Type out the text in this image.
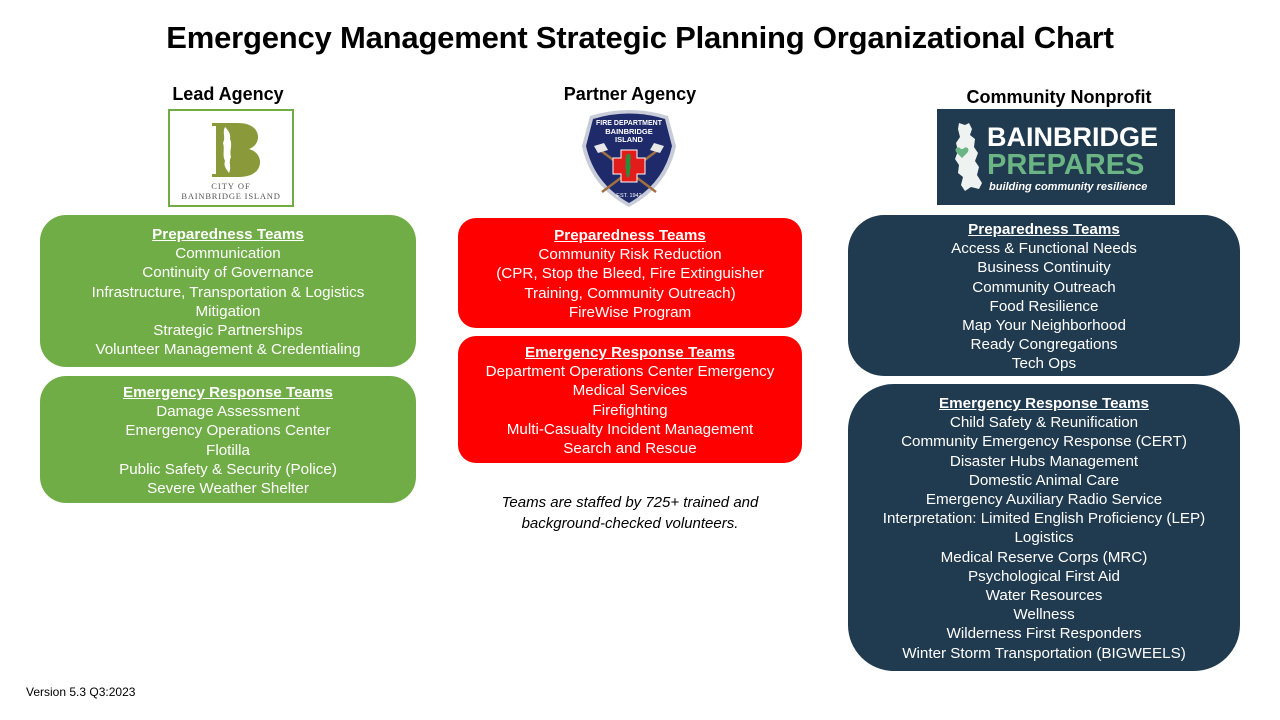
Emergency Management Strategic Planning Organizational Chart
Lead Agency
CITY OF
BAINBRIDGE ISLAND
Preparedness Teams
Communication
Continuity of Governance
Infrastructure, Transportation & Logistics
Mitigation
Strategic Partnerships
Volunteer Management & Credentialing
Emergency Response Teams
Damage Assessment
Emergency Operations Center
Flotilla
Public Safety & Security (Police)
Severe Weather Shelter
Partner Agency
FIRE DEPARTMENT
BAINBRIDGE
ISLAND
EST. 1942
Preparedness Teams
Community Risk Reduction
(CPR, Stop the Bleed, Fire Extinguisher
Training, Community Outreach)
FireWise Program
Emergency Response Teams
Department Operations Center Emergency
Medical Services
Firefighting
Multi-Casualty Incident Management
Search and Rescue
Teams are staffed by 725+ trained and
background-checked volunteers.
Community Nonprofit
BAINBRIDGE
PREPARES
building community resilience
Preparedness Teams
Access & Functional Needs
Business Continuity
Community Outreach
Food Resilience
Map Your Neighborhood
Ready Congregations
Tech Ops
Emergency Response Teams
Child Safety & Reunification
Community Emergency Response (CERT)
Disaster Hubs Management
Domestic Animal Care
Emergency Auxiliary Radio Service
Interpretation: Limited English Proficiency (LEP)
Logistics
Medical Reserve Corps (MRC)
Psychological First Aid
Water Resources
Wellness
Wilderness First Responders
Winter Storm Transportation (BIGWEELS)
Version 5.3 Q3:2023
